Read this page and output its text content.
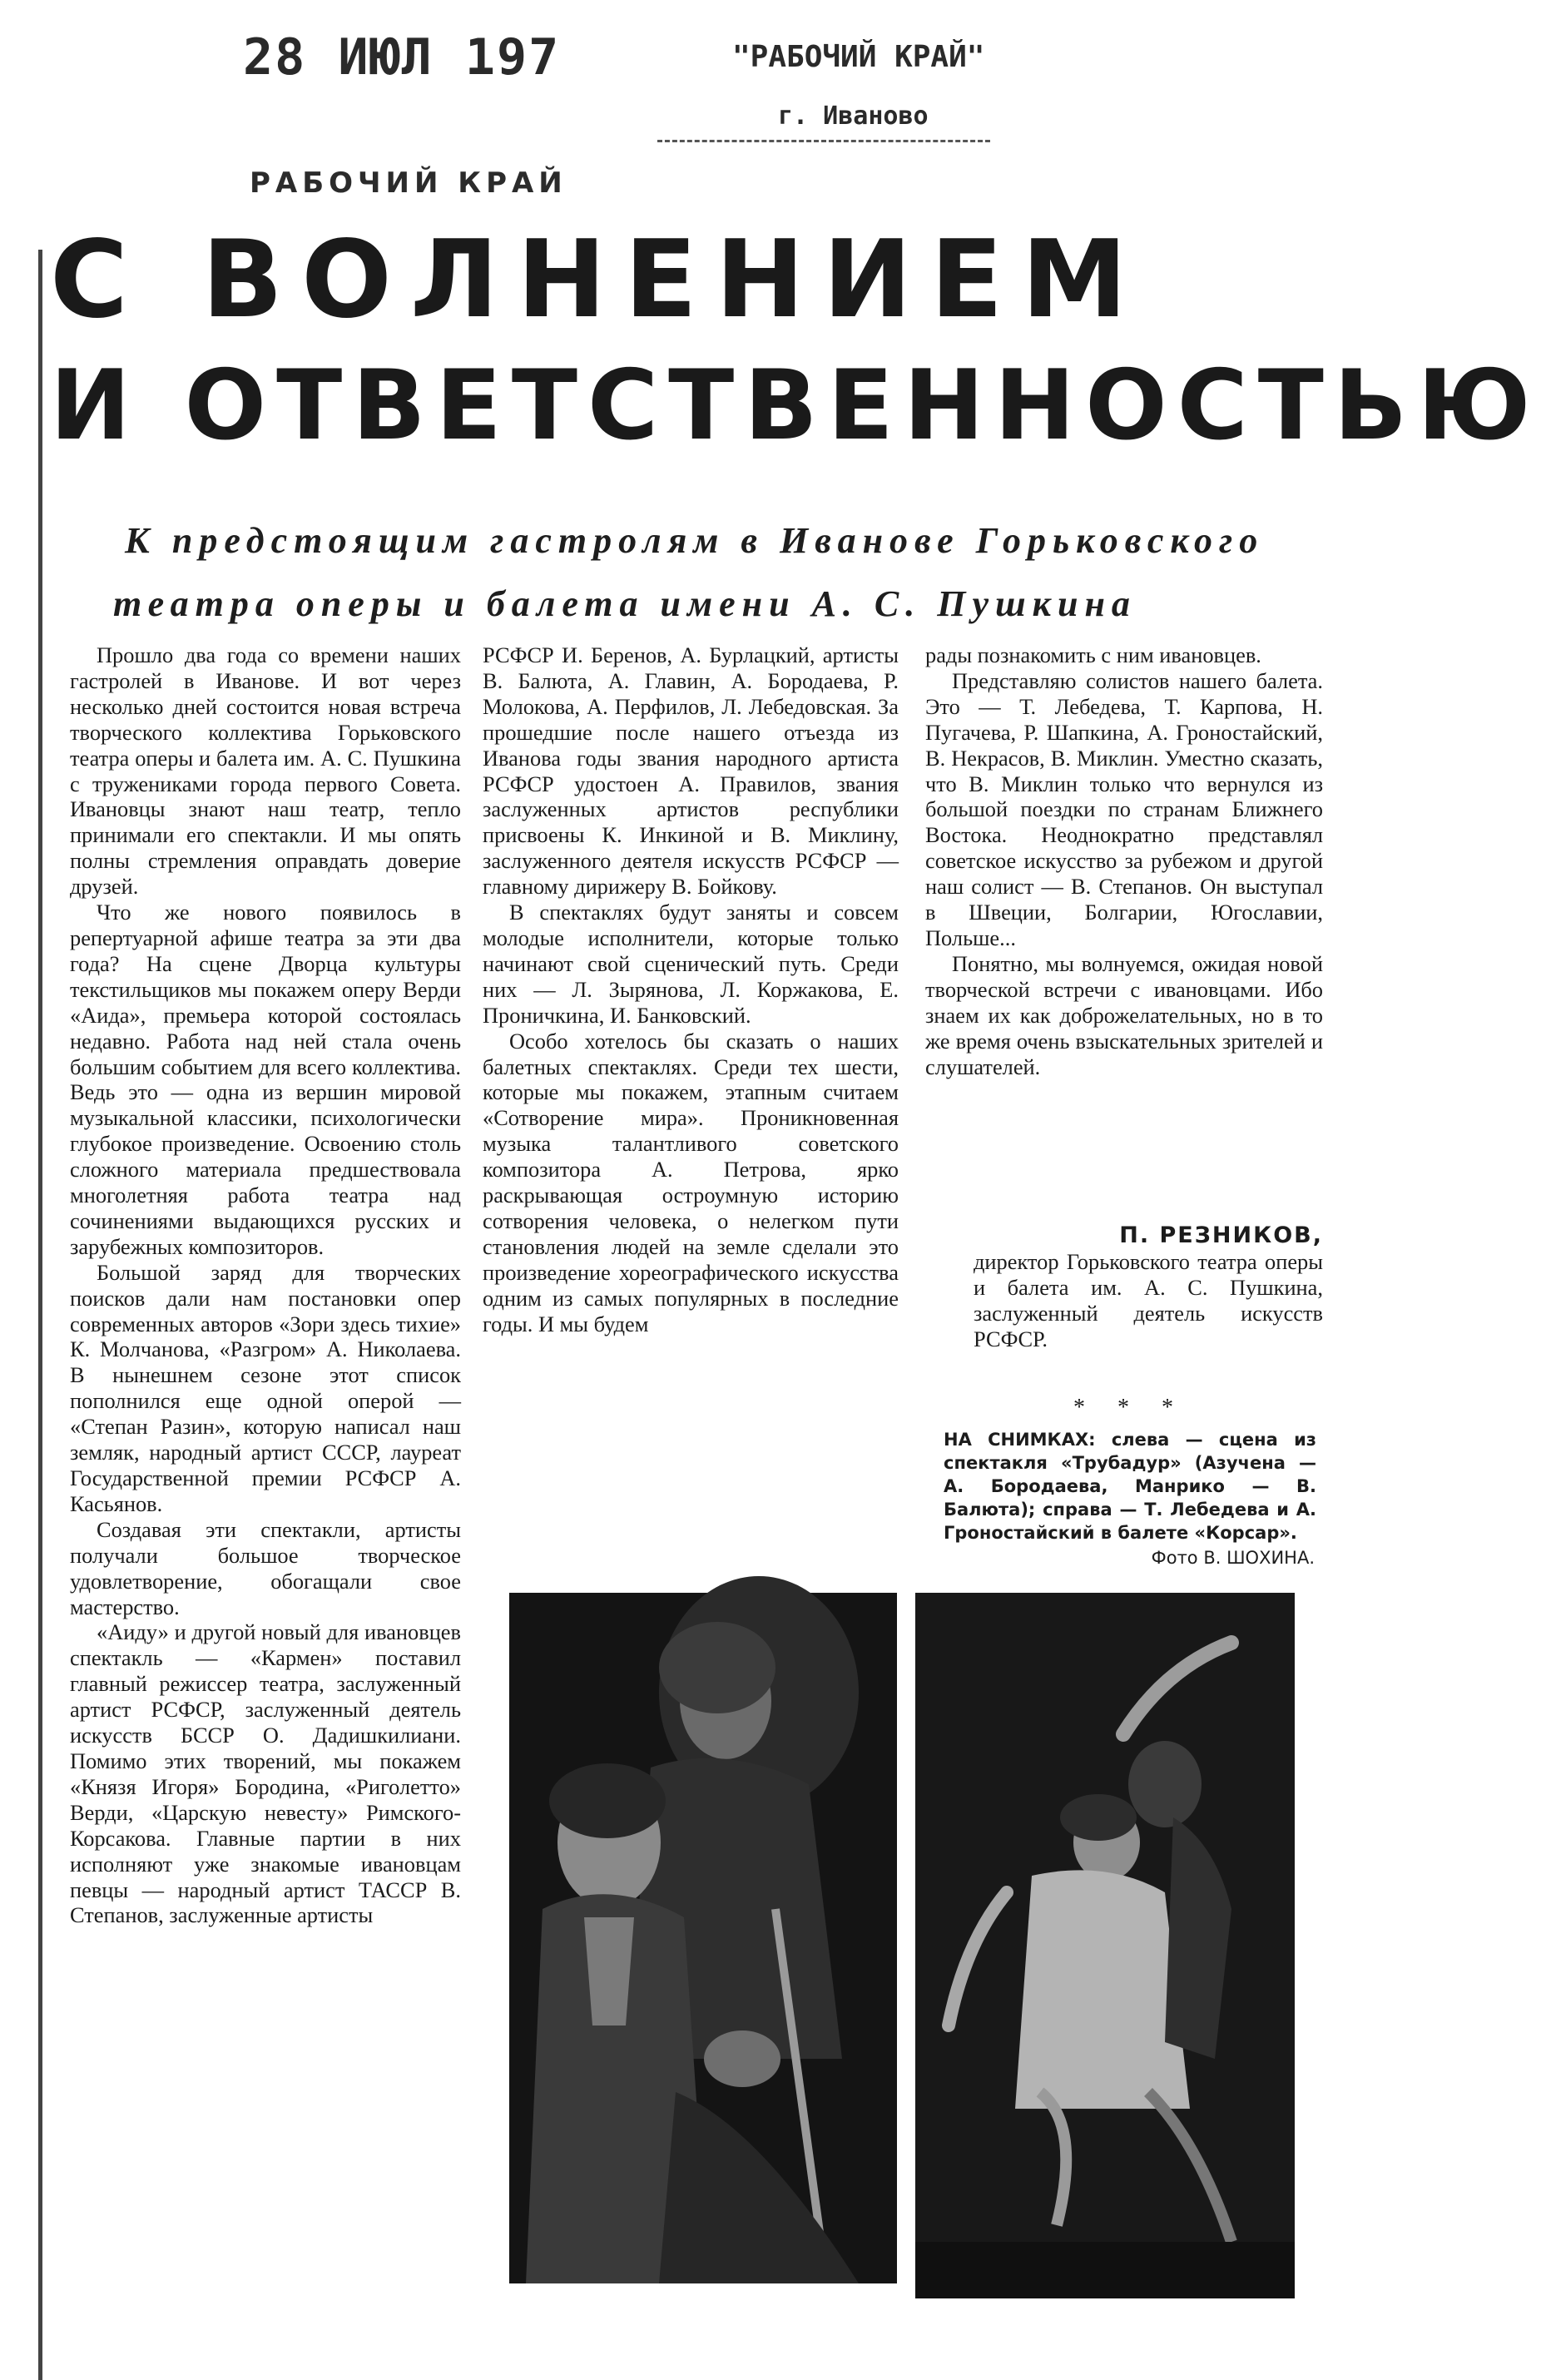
28 ИЮЛ 197	"РАБОЧИЙ КРАЙ"
г. Иваново
РАБОЧИЙ КРАЙ
С ВОЛНЕНИЕМ
И ОТВЕТСТВЕННОСТЬЮ
К предстоящим гастролям в Иванове Горьковского
театра оперы и балета имени А. С. Пушкина

Прошло два года со времени наших гастролей в Иванове. И вот через несколько дней состоится новая встреча творческого коллектива Горьковского театра оперы и балета им. А. С. Пушкина с тружениками города первого Совета. Ивановцы знают наш театр, тепло принимали его спектакли. И мы опять полны стремления оправдать доверие друзей.

Что же нового появилось в репертуарной афише театра за эти два года? На сцене Дворца культуры текстильщиков мы покажем оперу Верди «Аида», премьера которой состоялась недавно. Работа над ней стала очень большим событием для всего коллектива. Ведь это — одна из вершин мировой музыкальной классики, психологически глубокое произведение. Освоению столь сложного материала предшествовала многолетняя работа театра над сочинениями выдающихся русских и зарубежных композиторов.

Большой заряд для творческих поисков дали нам постановки опер современных авторов «Зори здесь тихие» К. Молчанова, «Разгром» А. Николаева. В нынешнем сезоне этот список пополнился еще одной оперой — «Степан Разин», которую написал наш земляк, народный артист СССР, лауреат Государственной премии РСФСР А. Касьянов.

Создавая эти спектакли, артисты получали большое творческое удовлетворение, обогащали свое мастерство.

«Аиду» и другой новый для ивановцев спектакль — «Кармен» поставил главный режиссер театра, заслуженный артист РСФСР, заслуженный деятель искусств БССР О. Дадишкилиани. Помимо этих творений, мы покажем «Князя Игоря» Бородина, «Риголетто» Верди, «Царскую невесту» Римского-Корсакова. Главные партии в них исполняют уже знакомые ивановцам певцы — народный артист ТАССР В. Степанов, заслуженные артисты

РСФСР И. Беренов, А. Бурлацкий, артисты В. Балюта, А. Главин, А. Бородаева, Р. Молокова, А. Перфилов, Л. Лебедовская. За прошедшие после нашего отъезда из Иванова годы звания народного артиста РСФСР удостоен А. Правилов, звания заслуженных артистов республики присвоены К. Инкиной и В. Миклину, заслуженного деятеля искусств РСФСР — главному дирижеру В. Бойкову.

В спектаклях будут заняты и совсем молодые исполнители, которые только начинают свой сценический путь. Среди них — Л. Зырянова, Л. Коржакова, Е. Проничкина, И. Банковский.

Особо хотелось бы сказать о наших балетных спектаклях. Среди тех шести, которые мы покажем, этапным считаем «Сотворение мира». Проникновенная музыка талантливого советского композитора А. Петрова, ярко раскрывающая остроумную историю сотворения человека, о нелегком пути становления людей на земле сделали это произведение хореографического искусства одним из самых популярных в последние годы. И мы будем

рады познакомить с ним ивановцев.

Представляю солистов нашего балета. Это — Т. Лебедева, Т. Карпова, Н. Пугачева, Р. Шапкина, А. Гроностайский, В. Некрасов, В. Миклин. Уместно сказать, что В. Миклин только что вернулся из большой поездки по странам Ближнего Востока. Неоднократно представлял советское искусство за рубежом и другой наш солист — В. Степанов. Он выступал в Швеции, Болгарии, Югославии, Польше...

Понятно, мы волнуемся, ожидая новой творческой встречи с ивановцами. Ибо знаем их как доброжелательных, но в то же время очень взыскательных зрителей и слушателей.

П. РЕЗНИКОВ,
директор Горьковского театра оперы и балета им. А. С. Пушкина, заслуженный деятель искусств РСФСР.
* * *
НА СНИМКАХ: слева — сцена из спектакля «Трубадур» (Азучена — А. Бородаева, Манрико — В. Балюта); справа — Т. Лебедева и А. Гроностайский в балете «Корсар».
Фото В. ШОХИНА.
